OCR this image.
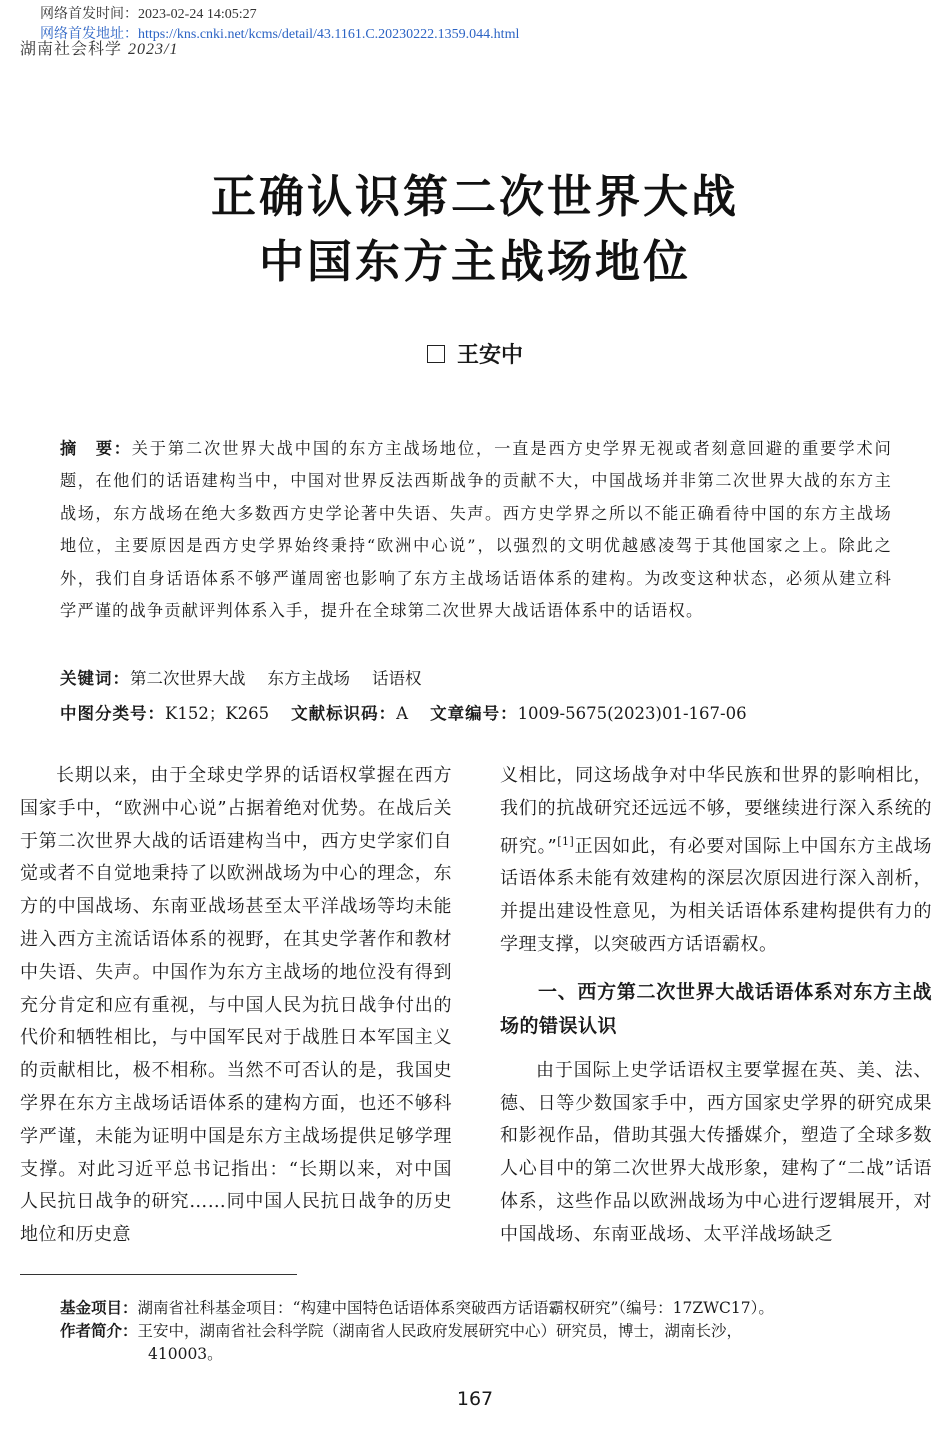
网络首发时间：2023-02-24 14:05:27
湖南社会科学 2023/1
网络首发地址：https://kns.cnki.net/kcms/detail/43.1161.C.20230222.1359.044.html
正确认识第二次世界大战
中国东方主战场地位
王安中

摘　要：关于第二次世界大战中国的东方主战场地位，一直是西方史学界无视或者刻意回避的重要学术问题，在他们的话语建构当中，中国对世界反法西斯战争的贡献不大，中国战场并非第二次世界大战的东方主战场，东方战场在绝大多数西方史学论著中失语、失声。西方史学界之所以不能正确看待中国的东方主战场地位，主要原因是西方史学界始终秉持“欧洲中心说”，以强烈的文明优越感凌驾于其他国家之上。除此之外，我们自身话语体系不够严谨周密也影响了东方主战场话语体系的建构。为改变这种状态，必须从建立科学严谨的战争贡献评判体系入手，提升在全球第二次世界大战话语体系中的话语权。

关键词：第二次世界大战 东方主战场 话语权

中图分类号：K152；K265 文献标识码：A 文章编号：1009-5675(2023)01-167-06

长期以来，由于全球史学界的话语权掌握在西方国家手中，“欧洲中心说”占据着绝对优势。在战后关于第二次世界大战的话语建构当中，西方史学家们自觉或者不自觉地秉持了以欧洲战场为中心的理念，东方的中国战场、东南亚战场甚至太平洋战场等均未能进入西方主流话语体系的视野，在其史学著作和教材中失语、失声。中国作为东方主战场的地位没有得到充分肯定和应有重视，与中国人民为抗日战争付出的代价和牺牲相比，与中国军民对于战胜日本军国主义的贡献相比，极不相称。当然不可否认的是，我国史学界在东方主战场话语体系的建构方面，也还不够科学严谨，未能为证明中国是东方主战场提供足够学理支撑。对此习近平总书记指出：“长期以来，对中国人民抗日战争的研究……同中国人民抗日战争的历史地位和历史意

义相比，同这场战争对中华民族和世界的影响相比，我们的抗战研究还远远不够，要继续进行深入系统的研究。”[1]正因如此，有必要对国际上中国东方主战场话语体系未能有效建构的深层次原因进行深入剖析，并提出建设性意见，为相关话语体系建构提供有力的学理支撑，以突破西方话语霸权。

一、西方第二次世界大战话语体系对东方主战场的错误认识

由于国际上史学话语权主要掌握在英、美、法、德、日等少数国家手中，西方国家史学界的研究成果和影视作品，借助其强大传播媒介，塑造了全球多数人心目中的第二次世界大战形象，建构了“二战”话语体系，这些作品以欧洲战场为中心进行逻辑展开，对中国战场、东南亚战场、太平洋战场缺乏

基金项目：湖南省社科基金项目：“构建中国特色话语体系突破西方话语霸权研究”（编号：17ZWC17）。

作者简介：王安中，湖南省社会科学院（湖南省人民政府发展研究中心）研究员，博士，湖南长沙，
410003。

167
